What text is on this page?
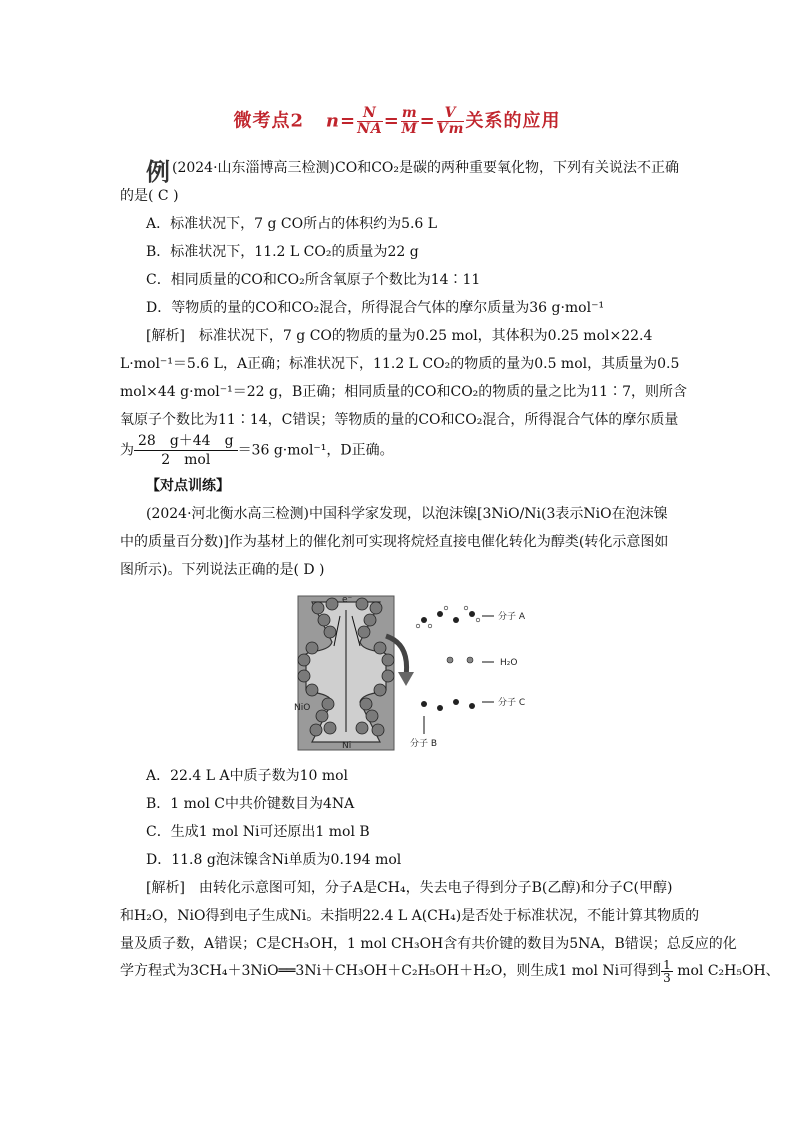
微考点2 $n= \frac{N}{NA} = \frac{m}{M} = \frac{V}{Vm}$ 关系的应用
例 (2024·山东淄博高三检测)CO和CO₂是碳的两种重要氧化物，下列有关说法不正确
的是( C )
A．标准状况下，7 g CO所占的体积约为5.6 L
B．标准状况下，11.2 L CO₂的质量为22 g
C．相同质量的CO和CO₂所含氧原子个数比为14∶11
D．等物质的量的CO和CO₂混合，所得混合气体的摩尔质量为36 g·mol⁻¹
[解析]　标准状况下，7 g CO的物质的量为0.25 mol，其体积为0.25 mol×22.4
L·mol⁻¹＝5.6 L，A正确；标准状况下，11.2 L CO₂的物质的量为0.5 mol，其质量为0.5
mol×44 g·mol⁻¹＝22 g，B正确；相同质量的CO和CO₂的物质的量之比为11∶7，则所含
氧原子个数比为11∶14，C错误；等物质的量的CO和CO₂混合，所得混合气体的摩尔质量
为 $\frac{28 g+44 g}{\text{2　mol}} =36$ g·mol⁻¹，D正确。
【对点训练】
(2024·河北衡水高三检测)中国科学家发现，以泡沫镍[3NiO/Ni(3表示NiO在泡沫镍
中的质量百分数)]作为基材上的催化剂可实现将烷烃直接电催化转化为醇类(转化示意图如
图所示)。下列说法正确的是( D )
e⁻
NiO
Ni
分子 A
H₂O
分子 C
分子 B
A．22.4 L A中质子数为10 mol
B．1 mol C中共价键数目为4NA
C．生成1 mol Ni可还原出1 mol B
D．11.8 g泡沫镍含Ni单质为0.194 mol
[解析]　由转化示意图可知，分子A是CH₄，失去电子得到分子B(乙醇)和分子C(甲醇)
和H₂O，NiO得到电子生成Ni。未指明22.4 L A(CH₄)是否处于标准状况，不能计算其物质的
量及质子数，A错误；C是CH₃OH，1 mol CH₃OH含有共价键的数目为5NA，B错误；总反应的化
学方程式为3CH₄＋3NiO══3Ni＋CH₃OH＋C₂H₅OH＋H₂O，则生成1 mol Ni可得到 $\frac{1}{3}$ mol C₂H₅OH、
